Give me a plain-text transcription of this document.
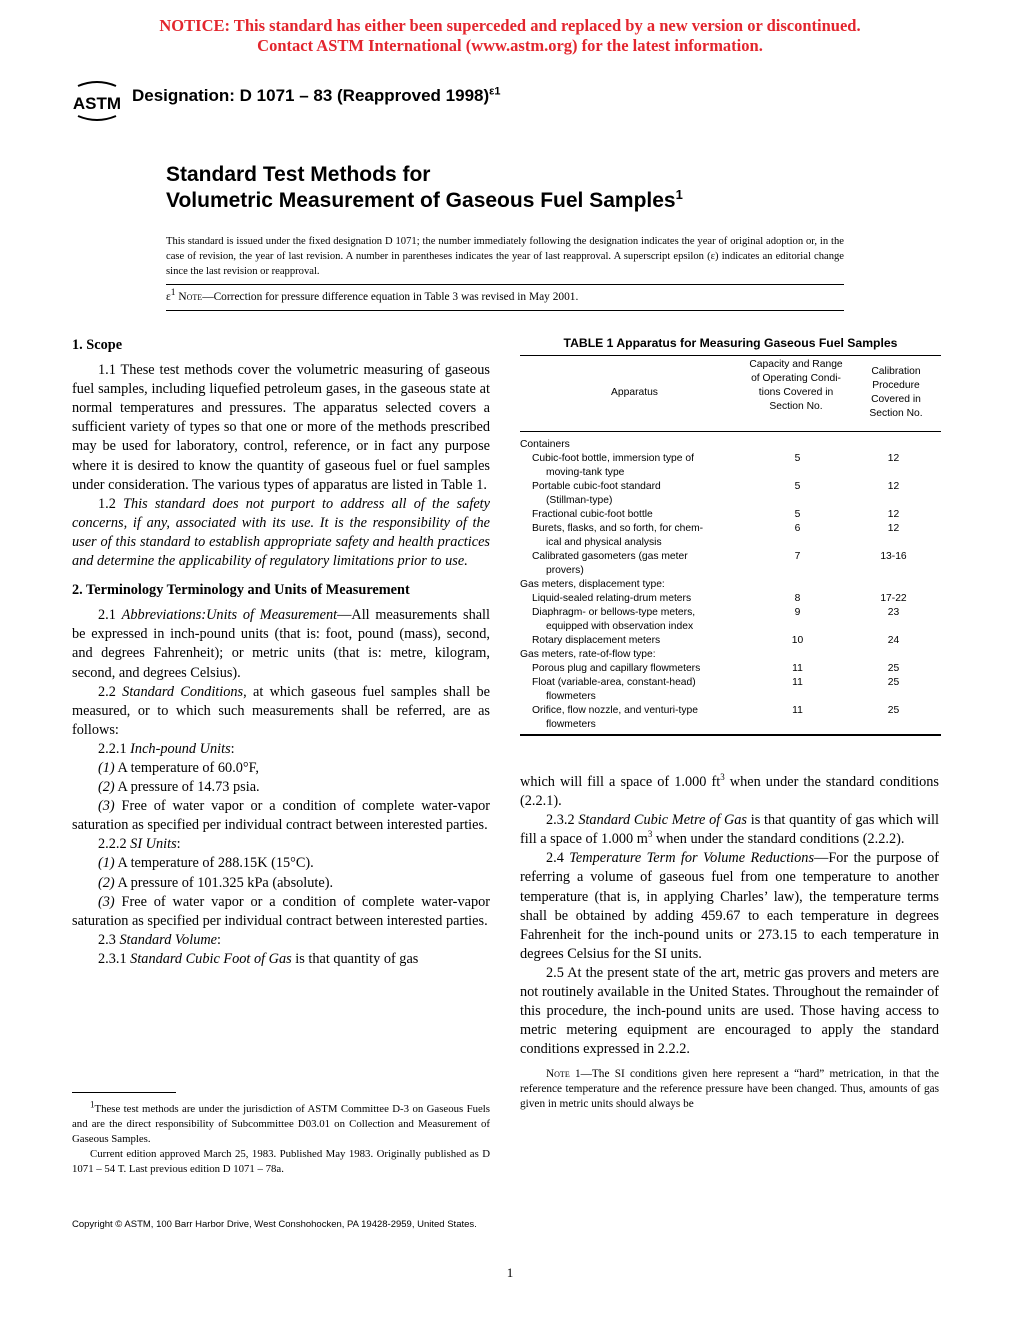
NOTICE: This standard has either been superceded and replaced by a new version or discontinued.
Contact ASTM International (www.astm.org) for the latest information.
ASTM Designation: D 1071 – 83 (Reapproved 1998)$^{\varepsilon 1}$
Standard Test Methods for
Volumetric Measurement of Gaseous Fuel Samples$^1$
This standard is issued under the fixed designation D 1071; the number immediately following the designation indicates the year of original adoption or, in the case of revision, the year of last revision. A number in parentheses indicates the year of last reapproval. A superscript epsilon (ε) indicates an editorial change since the last revision or reapproval.
$\varepsilon^1$ Note—Correction for pressure difference equation in Table 3 was revised in May 2001.
1. Scope

1.1 These test methods cover the volumetric measuring of gaseous fuel samples, including liquefied petroleum gases, in the gaseous state at normal temperatures and pressures. The apparatus selected covers a sufficient variety of types so that one or more of the methods prescribed may be used for laboratory, control, reference, or in fact any purpose where it is desired to know the quantity of gaseous fuel or fuel samples under consideration. The various types of apparatus are listed in Table 1.

1.2 This standard does not purport to address all of the safety concerns, if any, associated with its use. It is the responsibility of the user of this standard to establish appropriate safety and health practices and determine the applicability of regulatory limitations prior to use.

2. Terminology Terminology and Units of Measurement

2.1 Abbreviations:Units of Measurement—All measurements shall be expressed in inch-pound units (that is: foot, pound (mass), second, and degrees Fahrenheit); or metric units (that is: metre, kilogram, second, and degrees Celsius).

2.2 Standard Conditions, at which gaseous fuel samples shall be measured, or to which such measurements shall be referred, are as follows:

2.2.1 Inch-pound Units:

(1) A temperature of 60.0°F,

(2) A pressure of 14.73 psia.

(3) Free of water vapor or a condition of complete water-vapor saturation as specified per individual contract between interested parties.

2.2.2 SI Units:

(1) A temperature of 288.15K (15°C).

(2) A pressure of 101.325 kPa (absolute).

(3) Free of water vapor or a condition of complete water-vapor saturation as specified per individual contract between interested parties.

2.3 Standard Volume:

2.3.1 Standard Cubic Foot of Gas is that quantity of gas

$^1$These test methods are under the jurisdiction of ASTM Committee D-3 on Gaseous Fuels and are the direct responsibility of Subcommittee D03.01 on Collection and Measurement of Gaseous Samples.

Current edition approved March 25, 1983. Published May 1983. Originally published as D 1071 – 54 T. Last previous edition D 1071 – 78a.

TABLE 1 Apparatus for Measuring Gaseous Fuel Samples
Apparatus
Capacity and Range of Operating Condi- tions Covered in Section No.
Calibration Procedure Covered in Section No.
Containers
Cubic-foot bottle, immersion type of
moving-tank type
5	12
Portable cubic-foot standard
(Stillman-type)
5	12
Fractional cubic-foot bottle	5	12
Burets, flasks, and so forth, for chem-
ical and physical analysis
6	12
Calibrated gasometers (gas meter
provers)
7	13-16
Gas meters, displacement type:
Liquid-sealed relating-drum meters	8	17-22
Diaphragm- or bellows-type meters,
equipped with observation index
9	23
Rotary displacement meters	10	24
Gas meters, rate-of-flow type:
Porous plug and capillary flowmeters	11	25
Float (variable-area, constant-head)
flowmeters
11	25
Orifice, flow nozzle, and venturi-type
flowmeters
11	25

which will fill a space of 1.000 $ft^3$ when under the standard conditions (2.2.1).

2.3.2 Standard Cubic Metre of Gas is that quantity of gas which will fill a space of 1.000 $m^3$ when under the standard conditions (2.2.2).

2.4 Temperature Term for Volume Reductions—For the purpose of referring a volume of gaseous fuel from one temperature to another temperature (that is, in applying Charles’ law), the temperature terms shall be obtained by adding 459.67 to each temperature in degrees Fahrenheit for the inch-pound units or 273.15 to each temperature in degrees Celsius for the SI units.

2.5 At the present state of the art, metric gas provers and meters are not routinely available in the United States. Throughout the remainder of this procedure, the inch-pound units are used. Those having access to metric metering equipment are encouraged to apply the standard conditions expressed in 2.2.2.

Note 1—The SI conditions given here represent a “hard” metrication, in that the reference temperature and the reference pressure have been changed. Thus, amounts of gas given in metric units should always be

Copyright © ASTM, 100 Barr Harbor Drive, West Conshohocken, PA 19428-2959, United States.
1
